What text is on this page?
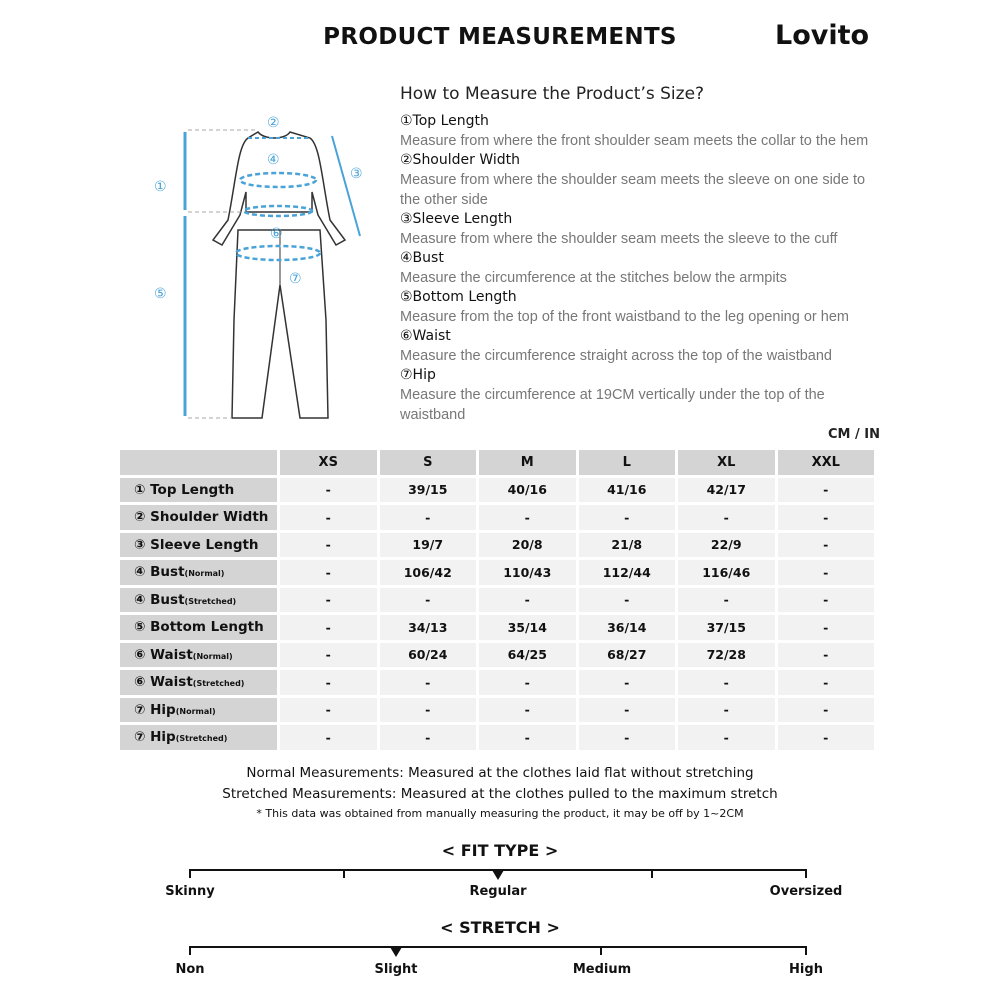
PRODUCT MEASUREMENTS	Lovito
①
②
③
④
⑤
⑥
⑦
How to Measure the Product’s Size?
①Top Length
Measure from where the front shoulder seam meets the collar to the hem
②Shoulder Width
Measure from where the shoulder seam meets the sleeve on one side to the other side
③Sleeve Length
Measure from where the shoulder seam meets the sleeve to the cuff
④Bust
Measure the circumference at the stitches below the armpits
⑤Bottom Length
Measure from the top of the front waistband to the leg opening or hem
⑥Waist
Measure the circumference straight across the top of the waistband
⑦Hip
Measure the circumference at 19CM vertically under the top of the waistband
CM / IN
	XS	S	M	L	XL	XXL
① Top Length	-	39/15	40/16	41/16	42/17	-
② Shoulder Width	-	-	-	-	-	-
③ Sleeve Length	-	19/7	20/8	21/8	22/9	-
④ Bust(Normal)	-	106/42	110/43	112/44	116/46	-
④ Bust(Stretched)	-	-	-	-	-	-
⑤ Bottom Length	-	34/13	35/14	36/14	37/15	-
⑥ Waist(Normal)	-	60/24	64/25	68/27	72/28	-
⑥ Waist(Stretched)	-	-	-	-	-	-
⑦ Hip(Normal)	-	-	-	-	-	-
⑦ Hip(Stretched)	-	-	-	-	-	-
Normal Measurements: Measured at the clothes laid flat without stretching
Stretched Measurements: Measured at the clothes pulled to the maximum stretch
* This data was obtained from manually measuring the product, it may be off by 1~2CM
< FIT TYPE >
Skinny	Regular	Oversized
< STRETCH >
Non	Slight	Medium	High
